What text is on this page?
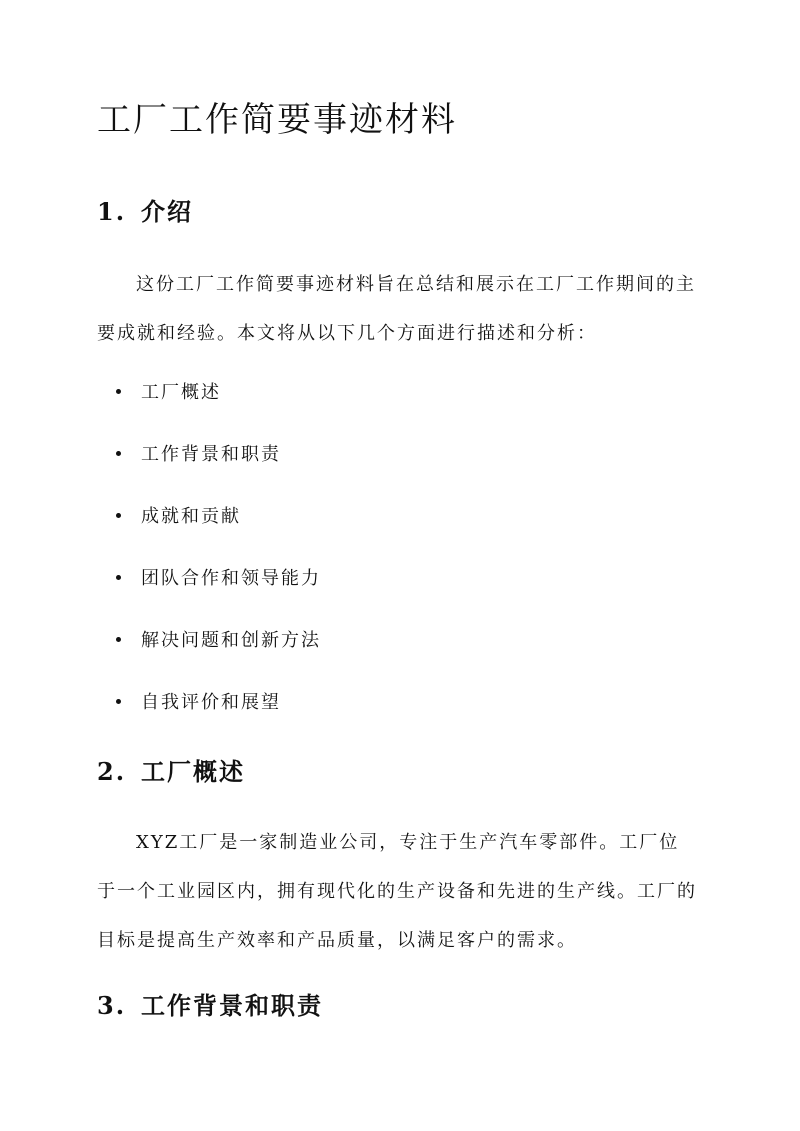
工厂工作简要事迹材料
1. 介绍

这份工厂工作简要事迹材料旨在总结和展示在工厂工作期间的主要成就和经验。本文将从以下几个方面进行描述和分析：

工厂概述
工作背景和职责
成就和贡献
团队合作和领导能力
解决问题和创新方法
自我评价和展望
2. 工厂概述

XYZ工厂是一家制造业公司，专注于生产汽车零部件。工厂位于一个工业园区内，拥有现代化的生产设备和先进的生产线。工厂的目标是提高生产效率和产品质量，以满足客户的需求。

3. 工作背景和职责
